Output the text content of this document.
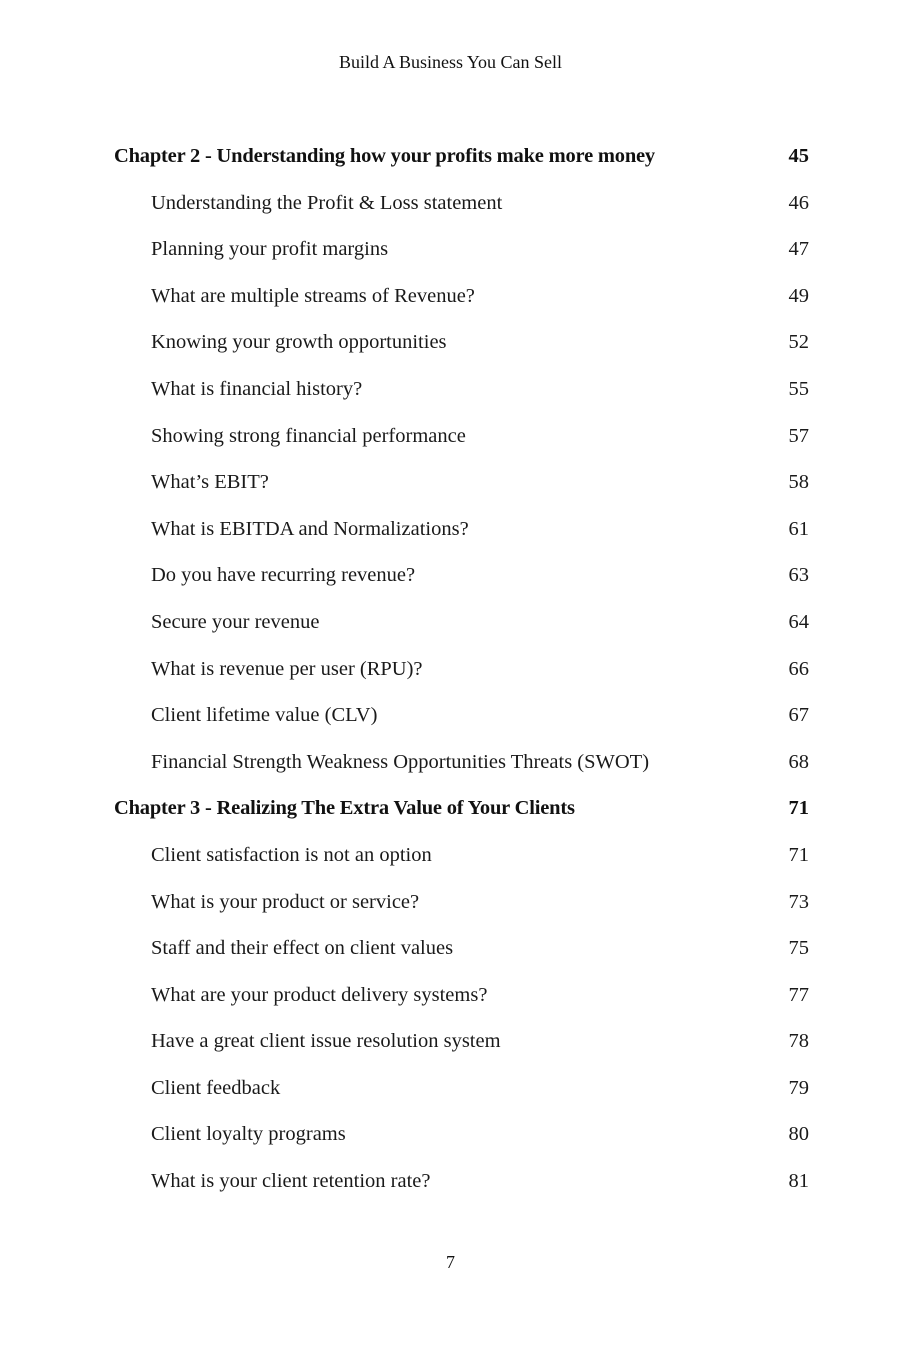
Build A Business You Can Sell
Chapter 2 - Understanding how your profits make more money	45
Understanding the Profit & Loss statement	46
Planning your profit margins	47
What are multiple streams of Revenue?	49
Knowing your growth opportunities	52
What is financial history?	55
Showing strong financial performance	57
What’s EBIT?	58
What is EBITDA and Normalizations?	61
Do you have recurring revenue?	63
Secure your revenue	64
What is revenue per user (RPU)?	66
Client lifetime value (CLV)	67
Financial Strength Weakness Opportunities Threats (SWOT)	68
Chapter 3 - Realizing The Extra Value of Your Clients	71
Client satisfaction is not an option	71
What is your product or service?	73
Staff and their effect on client values	75
What are your product delivery systems?	77
Have a great client issue resolution system	78
Client feedback	79
Client loyalty programs	80
What is your client retention rate?	81
7
